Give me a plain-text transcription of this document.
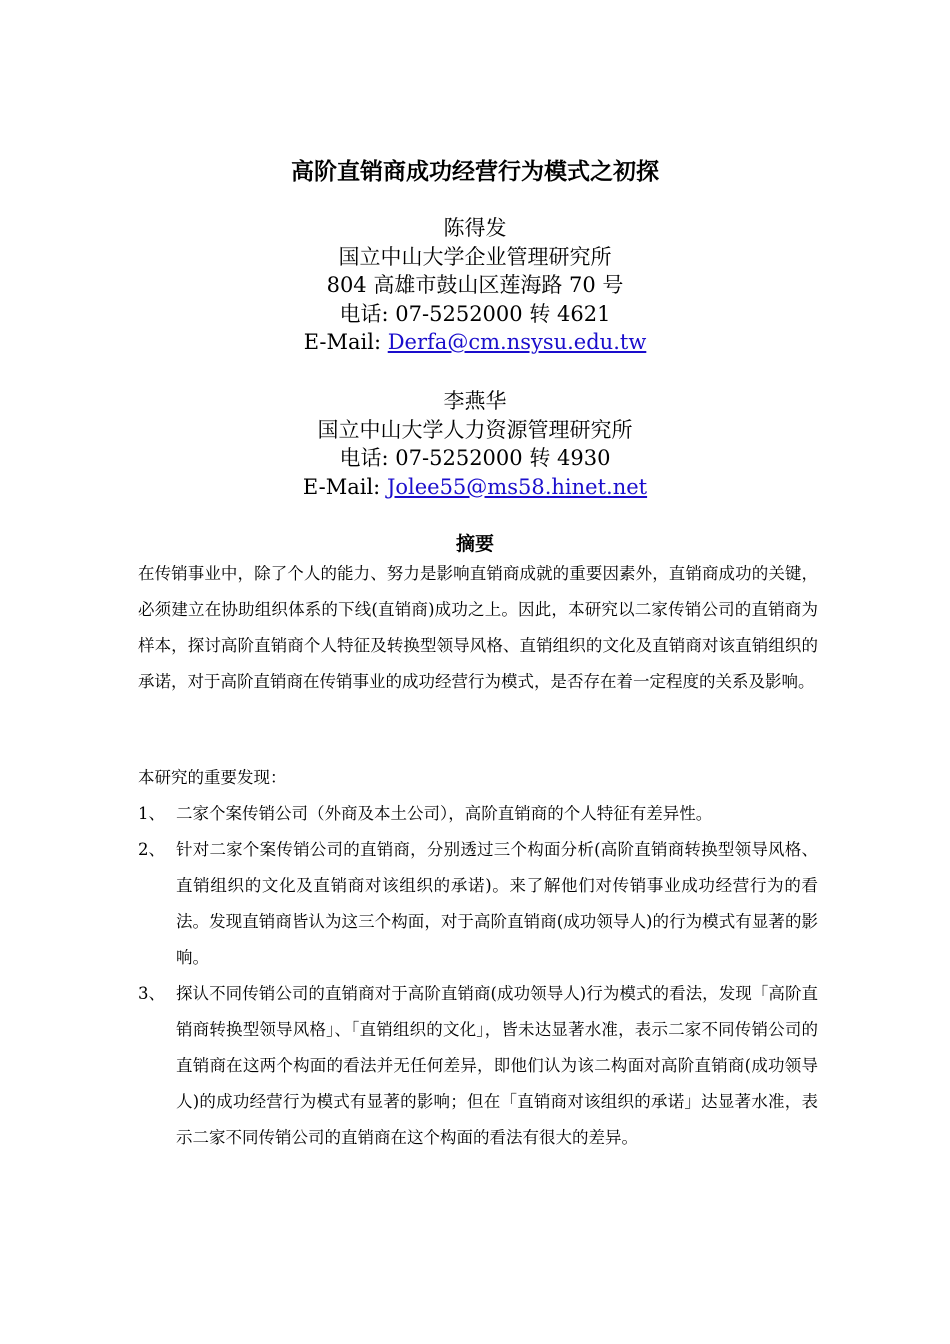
高阶直销商成功经营行为模式之初探
陈得发
国立中山大学企业管理研究所
804 高雄市鼓山区莲海路 70 号
电话: 07-5252000 转 4621
E-Mail: Derfa@cm.nsysu.edu.tw
李燕华
国立中山大学人力资源管理研究所
电话: 07-5252000 转 4930
E-Mail: Jolee55@ms58.hinet.net
摘要
在传销事业中，除了个人的能力、努力是影响直销商成就的重要因素外，直销商成功的关键，必须建立在协助组织体系的下线(直销商)成功之上。因此，本研究以二家传销公司的直销商为样本，探讨高阶直销商个人特征及转换型领导风格、直销组织的文化及直销商对该直销组织的承诺，对于高阶直销商在传销事业的成功经营行为模式，是否存在着一定程度的关系及影响。
本研究的重要发现：
1、 二家个案传销公司（外商及本土公司），高阶直销商的个人特征有差异性。
2、 针对二家个案传销公司的直销商，分别透过三个构面分析(高阶直销商转换型领导风格、直销组织的文化及直销商对该组织的承诺)。来了解他们对传销事业成功经营行为的看法。发现直销商皆认为这三个构面，对于高阶直销商(成功领导人)的行为模式有显著的影响。
3、 探认不同传销公司的直销商对于高阶直销商(成功领导人)行为模式的看法，发现「高阶直销商转换型领导风格」、「直销组织的文化」，皆未达显著水准，表示二家不同传销公司的直销商在这两个构面的看法并无任何差异，即他们认为该二构面对高阶直销商(成功领导人)的成功经营行为模式有显著的影响；但在「直销商对该组织的承诺」达显著水准，表示二家不同传销公司的直销商在这个构面的看法有很大的差异。
